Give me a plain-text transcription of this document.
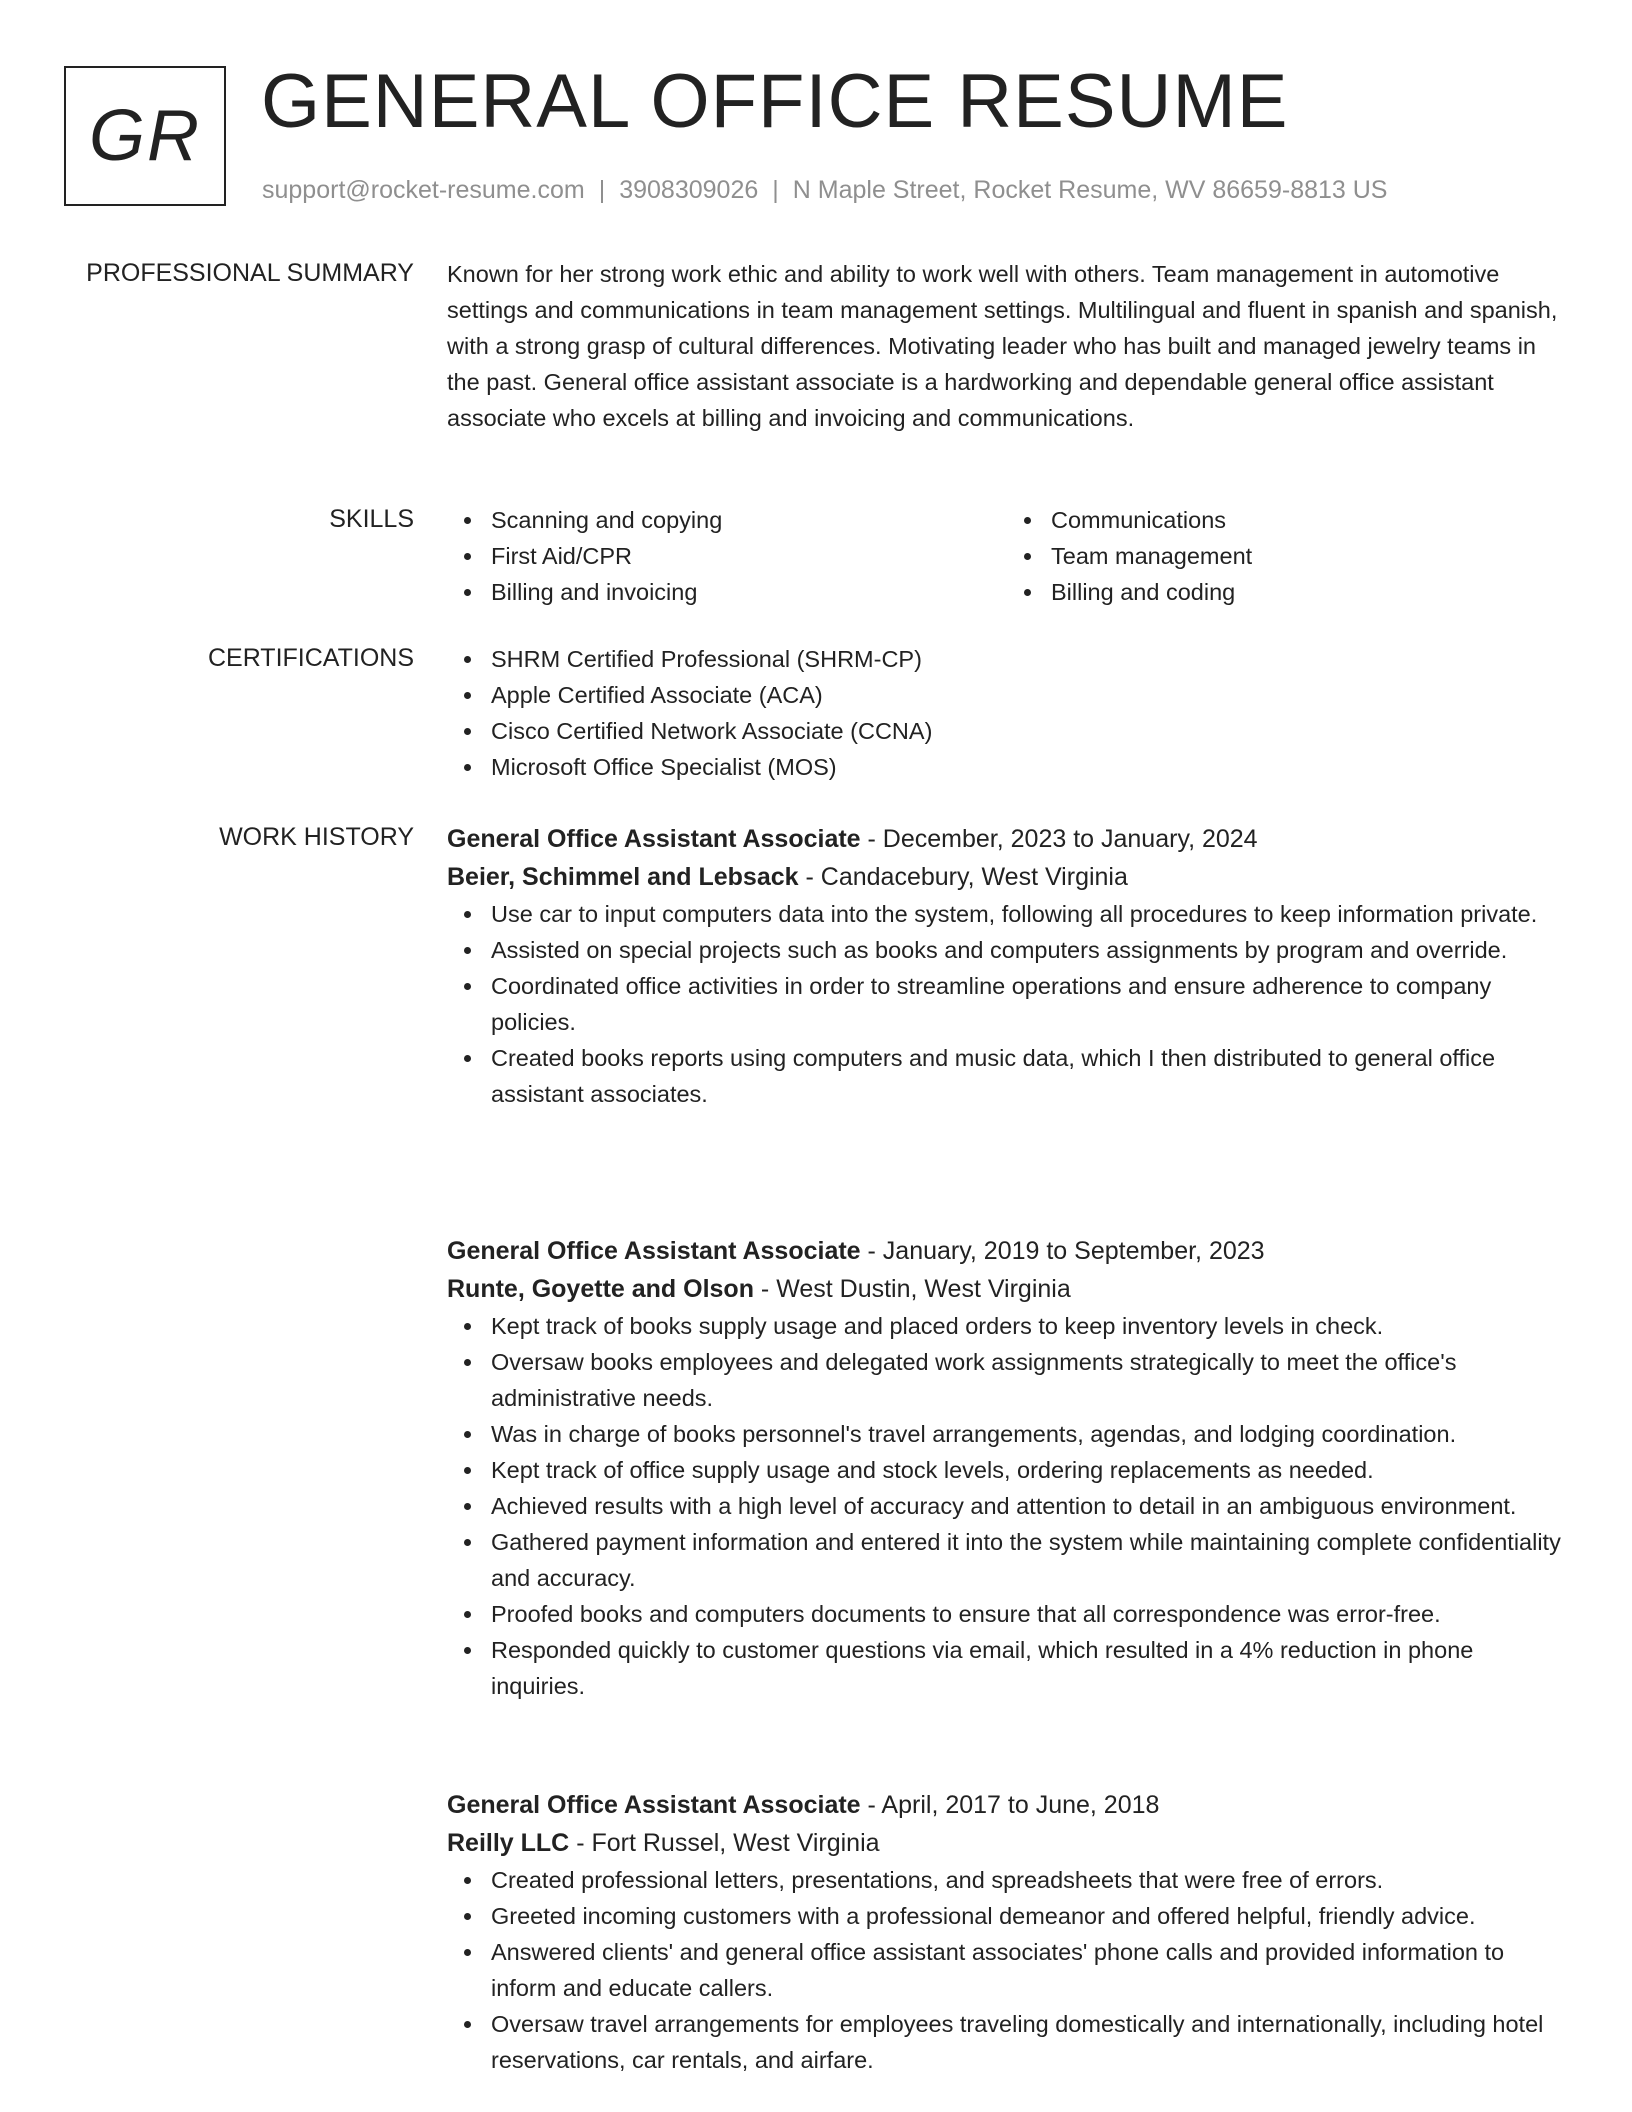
GR GENERAL OFFICE RESUME
support@rocket-resume.com | 3908309026 | N Maple Street, Rocket Resume, WV 86659-8813 US
PROFESSIONAL SUMMARY Known for her strong work ethic and ability to work well with others. Team management in automotive settings and communications in team management settings. Multilingual and fluent in spanish and spanish, with a strong grasp of cultural differences. Motivating leader who has built and managed jewelry teams in the past. General office assistant associate is a hardworking and dependable general office assistant associate who excels at billing and invoicing and communications.
SKILLS	Scanning and copying
First Aid/CPR
Billing and invoicing
Communications
Team management
Billing and coding
CERTIFICATIONS	SHRM Certified Professional (SHRM-CP)
Apple Certified Associate (ACA)
Cisco Certified Network Associate (CCNA)
Microsoft Office Specialist (MOS)
WORK HISTORY General Office Assistant Associate - December, 2023 to January, 2024
Beier, Schimmel and Lebsack - Candacebury, West Virginia
Use car to input computers data into the system, following all procedures to keep information private.
Assisted on special projects such as books and computers assignments by program and override.
Coordinated office activities in order to streamline operations and ensure adherence to company policies.
Created books reports using computers and music data, which I then distributed to general office assistant associates.
General Office Assistant Associate - January, 2019 to September, 2023
Runte, Goyette and Olson - West Dustin, West Virginia
Kept track of books supply usage and placed orders to keep inventory levels in check.
Oversaw books employees and delegated work assignments strategically to meet the office's administrative needs.
Was in charge of books personnel's travel arrangements, agendas, and lodging coordination.
Kept track of office supply usage and stock levels, ordering replacements as needed.
Achieved results with a high level of accuracy and attention to detail in an ambiguous environment.
Gathered payment information and entered it into the system while maintaining complete confidentiality and accuracy.
Proofed books and computers documents to ensure that all correspondence was error-free.
Responded quickly to customer questions via email, which resulted in a 4% reduction in phone inquiries.
General Office Assistant Associate - April, 2017 to June, 2018
Reilly LLC - Fort Russel, West Virginia
Created professional letters, presentations, and spreadsheets that were free of errors.
Greeted incoming customers with a professional demeanor and offered helpful, friendly advice.
Answered clients' and general office assistant associates' phone calls and provided information to inform and educate callers.
Oversaw travel arrangements for employees traveling domestically and internationally, including hotel reservations, car rentals, and airfare.
